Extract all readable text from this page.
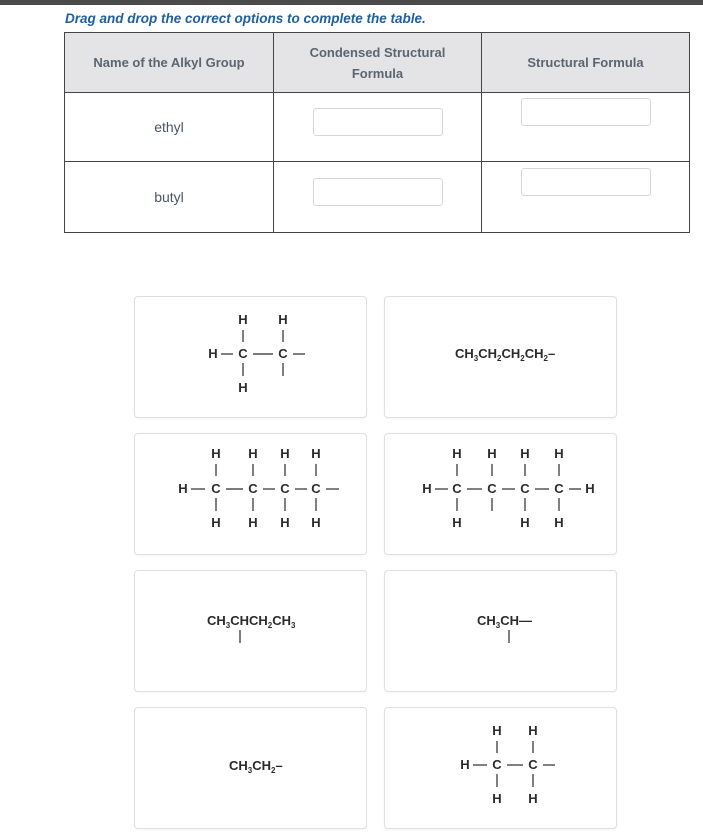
Drag and drop the correct options to complete the table.
Name of the Alkyl Group	Condensed Structural
Formula	Structural Formula
ethyl		
butyl		
H H
H C C
H
$CH_3CH_2CH_2CH_2-$
H H H H
H C C C C
H H H H
H H H H
H C C C C H
H	H H
$CH_3CHCH_2CH_3$	$CH_3CH—$
$CH_3CH_2-$
H H
H C C
H H
